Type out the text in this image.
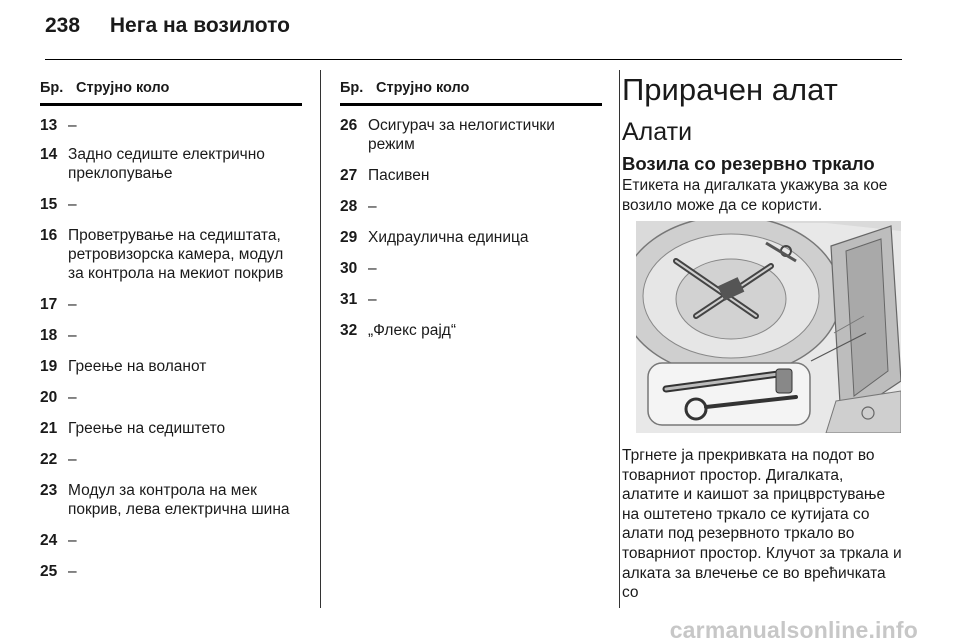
238 Нега на возилото
Бр. Струјно коло
13 –
14 Задно седиште електрично преклопување
15 –
16 Проветрување на седиштата, ретровизорска камера, модул за контрола на мекиот покрив
17 –
18 –
19 Греење на воланот
20 –
21 Греење на седиштето
22 –
23 Модул за контрола на мек покрив, лева електрична шина
24 –
25 –
Бр. Струјно коло
26 Осигурач за нелогистички режим
27 Пасивен
28 –
29 Хидраулична единица
30 –
31 –
32 „Флекс рајд“
Прирачен алат
Алати
Возила со резервно тркало
Етикета на дигалката укажува за кое возило може да се користи.
Тргнете ја прекривката на подот во товарниот простор. Дигалката, алатите и каишот за прицврстување на оштетено тркало се кутијата со алати под резервното тркало во товарниот простор. Клучот за тркала и алката за влечење се во врећичката со
carmanualsonline.info
